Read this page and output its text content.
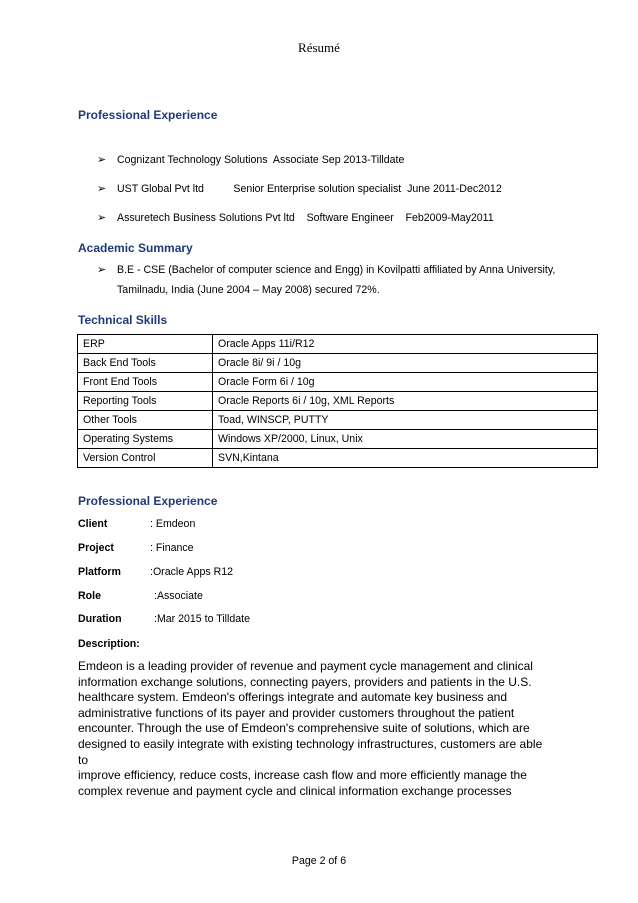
Résumé
Professional Experience
➢ Cognizant Technology Solutions  Associate Sep 2013-Tilldate
➢ UST Global Pvt ltd          Senior Enterprise solution specialist  June 2011-Dec2012
➢ Assuretech Business Solutions Pvt ltd    Software Engineer    Feb2009-May2011
Academic Summary
➢ B.E - CSE (Bachelor of computer science and Engg) in Kovilpatti affiliated by Anna University,
Tamilnadu, India (June 2004 – May 2008) secured 72%.
Technical Skills
ERP	Oracle Apps 11i/R12
Back End Tools	Oracle 8i/ 9i / 10g
Front End Tools	Oracle Form 6i / 10g
Reporting Tools	Oracle Reports 6i / 10g, XML Reports
Other Tools	Toad, WINSCP, PUTTY
Operating Systems	Windows XP/2000, Linux, Unix
Version Control	SVN,Kintana
Professional Experience
Client	: Emdeon
Project	: Finance
Platform	:Oracle Apps R12
Role	:Associate
Duration	:Mar 2015 to Tilldate
Description:
Emdeon is a leading provider of revenue and payment cycle management and clinical
information exchange solutions, connecting payers, providers and patients in the U.S.
healthcare system. Emdeon's offerings integrate and automate key business and
administrative functions of its payer and provider customers throughout the patient
encounter. Through the use of Emdeon's comprehensive suite of solutions, which are
designed to easily integrate with existing technology infrastructures, customers are able to
improve efficiency, reduce costs, increase cash flow and more efficiently manage the
complex revenue and payment cycle and clinical information exchange processes
Page 2 of 6
